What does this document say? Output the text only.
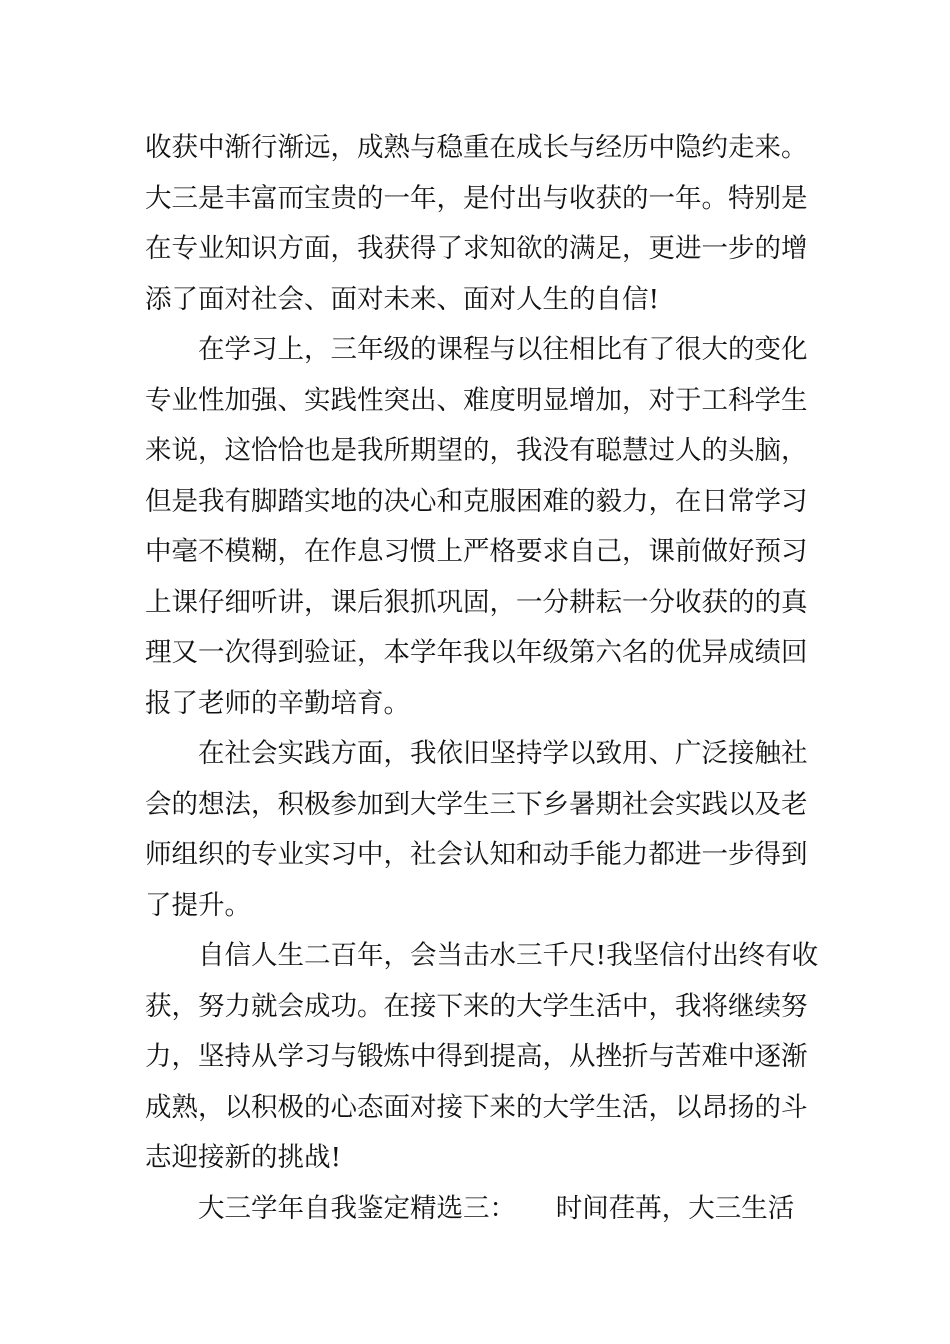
收获中渐行渐远，成熟与稳重在成长与经历中隐约走来。
大三是丰富而宝贵的一年，是付出与收获的一年。特别是
在专业知识方面，我获得了求知欲的满足，更进一步的增
添了面对社会、面对未来、面对人生的自信!
　　在学习上，三年级的课程与以往相比有了很大的变化
专业性加强、实践性突出、难度明显增加，对于工科学生
来说，这恰恰也是我所期望的，我没有聪慧过人的头脑，
但是我有脚踏实地的决心和克服困难的毅力，在日常学习
中毫不模糊，在作息习惯上严格要求自己，课前做好预习
上课仔细听讲，课后狠抓巩固，一分耕耘一分收获的的真
理又一次得到验证，本学年我以年级第六名的优异成绩回
报了老师的辛勤培育。
　　在社会实践方面，我依旧坚持学以致用、广泛接触社
会的想法，积极参加到大学生三下乡暑期社会实践以及老
师组织的专业实习中，社会认知和动手能力都进一步得到
了提升。
　　自信人生二百年，会当击水三千尺!我坚信付出终有收
获，努力就会成功。在接下来的大学生活中，我将继续努
力，坚持从学习与锻炼中得到提高，从挫折与苦难中逐渐
成熟，以积极的心态面对接下来的大学生活，以昂扬的斗
志迎接新的挑战!
　　大三学年自我鉴定精选三：　　时间荏苒，大三生活
